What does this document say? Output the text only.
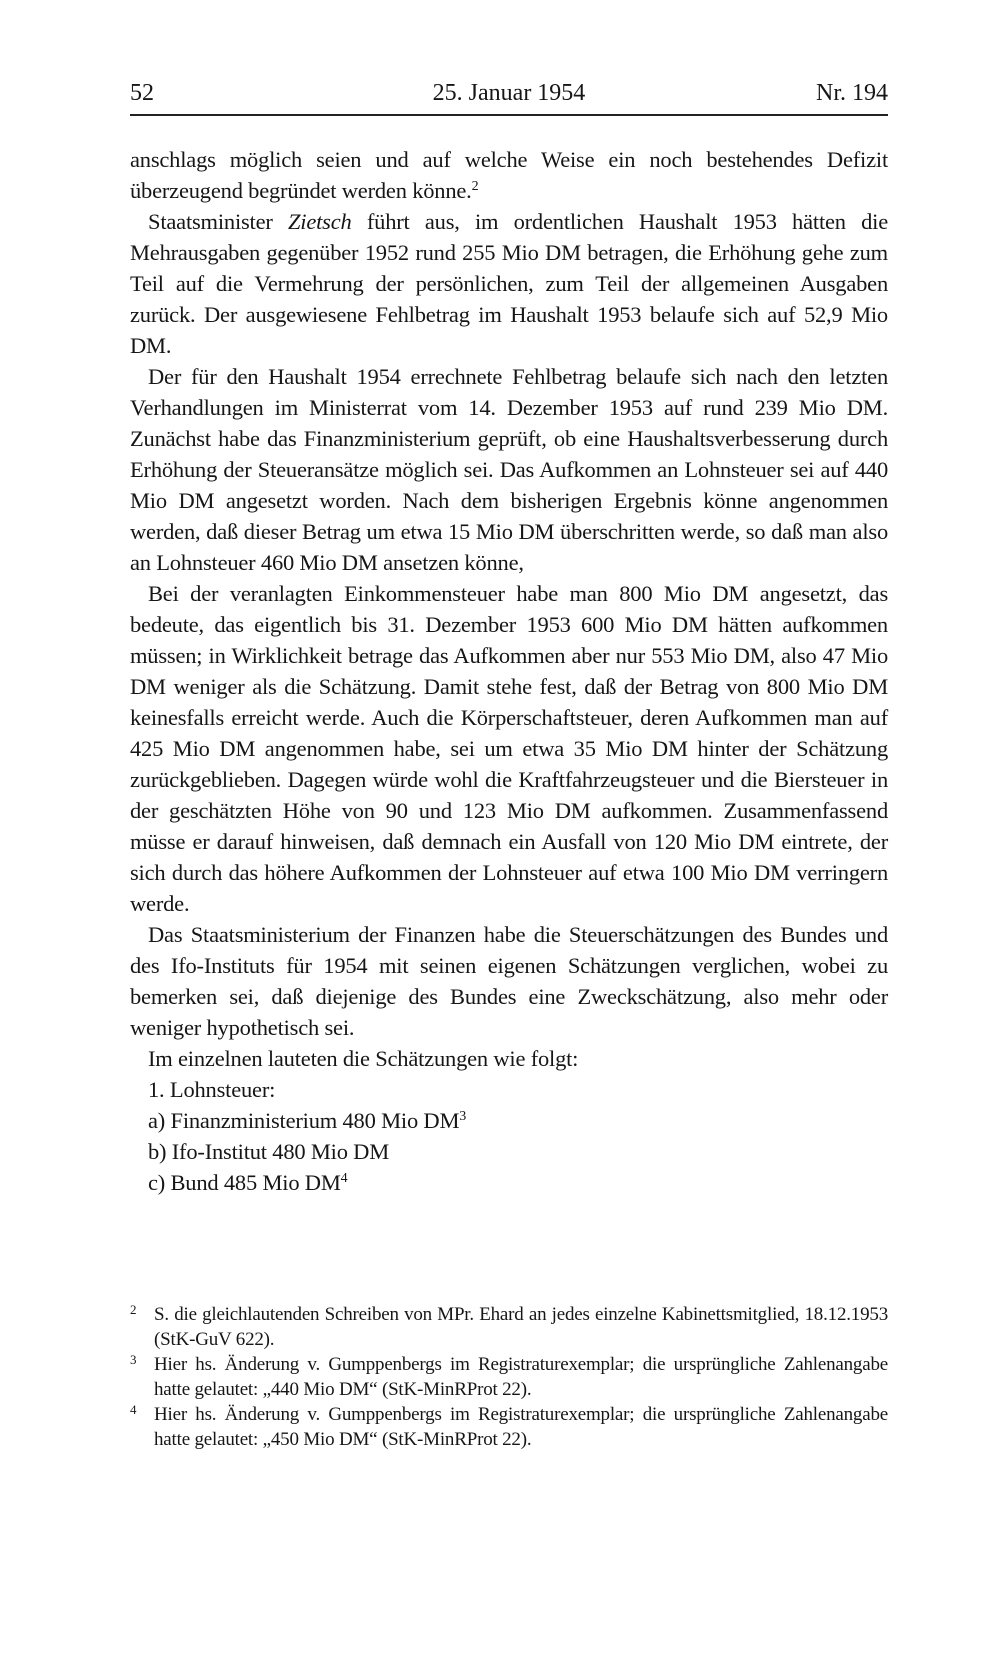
52	25. Januar 1954	Nr. 194

anschlags möglich seien und auf welche Weise ein noch bestehendes Defizit überzeugend begründet werden könne.$^2$

Staatsminister Zietsch führt aus, im ordentlichen Haushalt 1953 hätten die Mehrausgaben gegenüber 1952 rund 255 Mio DM betragen, die Erhöhung gehe zum Teil auf die Vermehrung der persönlichen, zum Teil der allgemeinen Ausgaben zurück. Der ausgewiesene Fehlbetrag im Haushalt 1953 belaufe sich auf 52,9 Mio DM.

Der für den Haushalt 1954 errechnete Fehlbetrag belaufe sich nach den letzten Verhandlungen im Ministerrat vom 14. Dezember 1953 auf rund 239 Mio DM. Zunächst habe das Finanzministerium geprüft, ob eine Haushaltsverbesserung durch Erhöhung der Steueransätze möglich sei. Das Aufkommen an Lohnsteuer sei auf 440 Mio DM angesetzt worden. Nach dem bisherigen Ergebnis könne angenommen werden, daß dieser Betrag um etwa 15 Mio DM überschritten werde, so daß man also an Lohnsteuer 460 Mio DM ansetzen könne,

Bei der veranlagten Einkommensteuer habe man 800 Mio DM angesetzt, das bedeute, das eigentlich bis 31. Dezember 1953 600 Mio DM hätten aufkommen müssen; in Wirklichkeit betrage das Aufkommen aber nur 553 Mio DM, also 47 Mio DM weniger als die Schätzung. Damit stehe fest, daß der Betrag von 800 Mio DM keinesfalls erreicht werde. Auch die Körperschaftsteuer, deren Aufkommen man auf 425 Mio DM angenommen habe, sei um etwa 35 Mio DM hinter der Schätzung zurückgeblieben. Dagegen würde wohl die Kraftfahrzeugsteuer und die Biersteuer in der geschätzten Höhe von 90 und 123 Mio DM aufkommen. Zusammenfassend müsse er darauf hinweisen, daß demnach ein Ausfall von 120 Mio DM eintrete, der sich durch das höhere Aufkommen der Lohnsteuer auf etwa 100 Mio DM verringern werde.

Das Staatsministerium der Finanzen habe die Steuerschätzungen des Bundes und des Ifo-Instituts für 1954 mit seinen eigenen Schätzungen verglichen, wobei zu bemerken sei, daß diejenige des Bundes eine Zweckschätzung, also mehr oder weniger hypothetisch sei.

Im einzelnen lauteten die Schätzungen wie folgt:

1. Lohnsteuer:

a) Finanzministerium 480 Mio DM$^3$

b) Ifo-Institut 480 Mio DM

c) Bund 485 Mio DM$^4$

2 S. die gleichlautenden Schreiben von MPr. Ehard an jedes einzelne Kabinettsmitglied, 18.12.1953 (StK-GuV 622).
3 Hier hs. Änderung v. Gumppenbergs im Registraturexemplar; die ursprüngliche Zahlenangabe hatte gelautet: „440 Mio DM“ (StK-MinRProt 22).
4 Hier hs. Änderung v. Gumppenbergs im Registraturexemplar; die ursprüngliche Zahlenangabe hatte gelautet: „450 Mio DM“ (StK-MinRProt 22).
